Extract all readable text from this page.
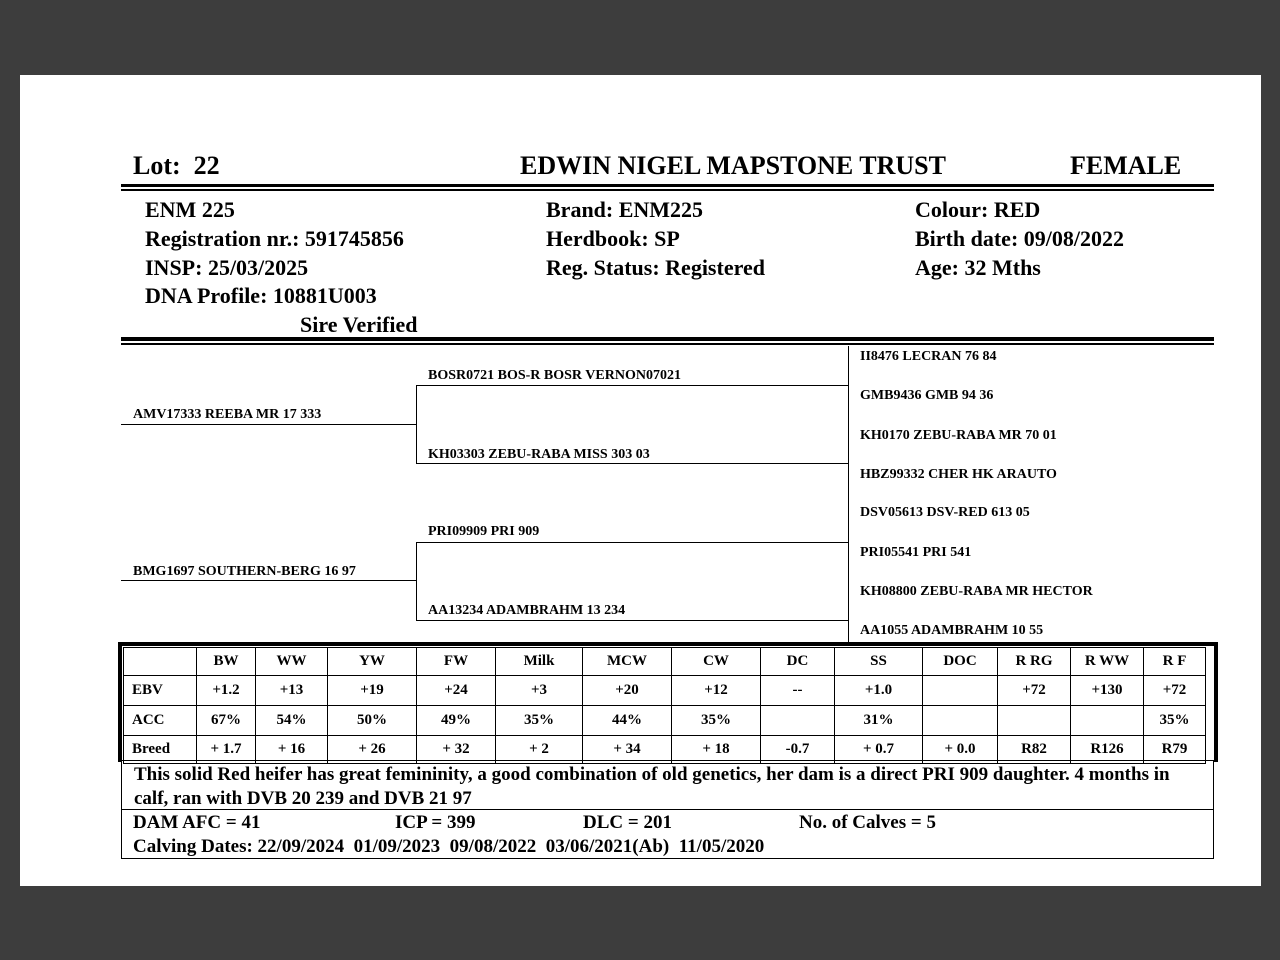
Lot: 22	EDWIN NIGEL MAPSTONE TRUST	FEMALE
ENM 225
Registration nr.: 591745856
INSP: 25/03/2025
DNA Profile: 10881U003
Sire Verified
Brand: ENM225
Herdbook: SP
Reg. Status: Registered
Colour: RED
Birth date: 09/08/2022
Age: 32 Mths
AMV17333 REEBA MR 17 333
BMG1697 SOUTHERN-BERG 16 97
BOSR0721 BOS-R BOSR VERNON07021
KH03303 ZEBU-RABA MISS 303 03
PRI09909 PRI 909
AA13234 ADAMBRAHM 13 234
II8476 LECRAN 76 84
GMB9436 GMB 94 36
KH0170 ZEBU-RABA MR 70 01
HBZ99332 CHER HK ARAUTO
DSV05613 DSV-RED 613 05
PRI05541 PRI 541
KH08800 ZEBU-RABA MR HECTOR
AA1055 ADAMBRAHM 10 55
	BW	WW	YW	FW	Milk	MCW	CW	DC	SS	DOC	R RG	R WW	R F
EBV	+1.2	+13	+19	+24	+3	+20	+12	--	+1.0		+72	+130	+72
ACC	67%	54%	50%	49%	35%	44%	35%		31%				35%
Breed	+ 1.7	+ 16	+ 26	+ 32	+ 2	+ 34	+ 18	-0.7	+ 0.7	+ 0.0	R82	R126	R79
This solid Red heifer has great femininity, a good combination of old genetics, her dam is a direct PRI 909 daughter. 4 months in calf, ran with DVB 20 239 and DVB 21 97
DAM AFC = 41	ICP = 399	DLC = 201	No. of Calves = 5
Calving Dates: 22/09/2024  01/09/2023  09/08/2022  03/06/2021(Ab)  11/05/2020
